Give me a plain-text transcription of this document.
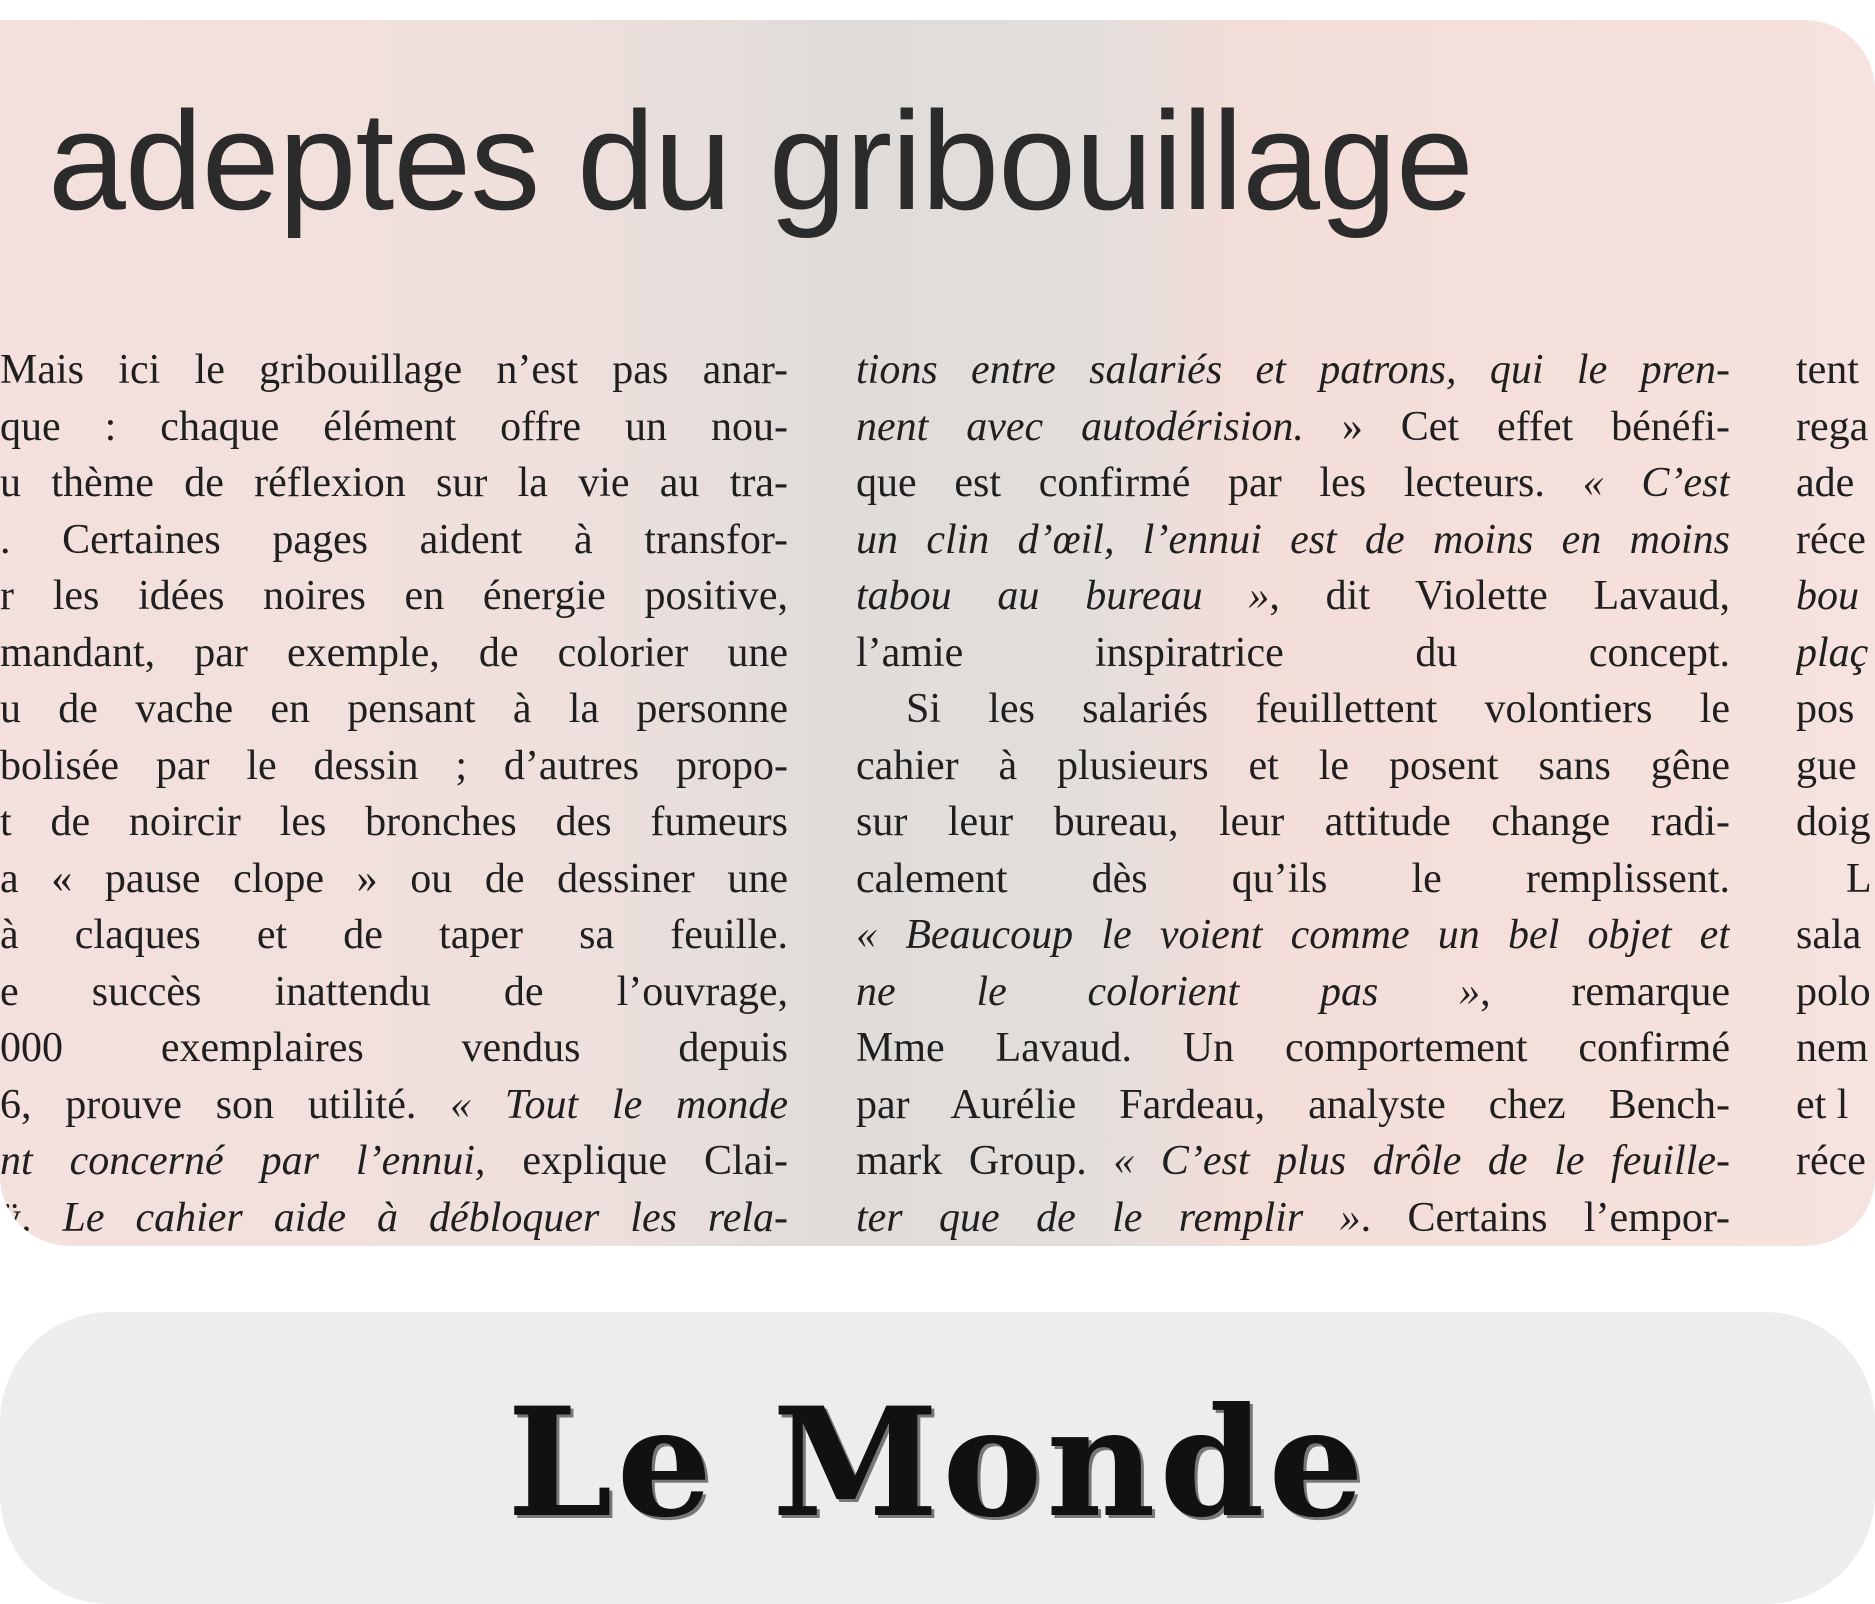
adeptes du gribouillage
Mais ici le gribouillage n’est pas anar-
que : chaque élément offre un nou-
u thème de réflexion sur la vie au tra-
. Certaines pages aident à transfor-
r les idées noires en énergie positive,
mandant, par exemple, de colorier une
u de vache en pensant à la personne
bolisée par le dessin ; d’autres propo-
t de noircir les bronches des fumeurs
a « pause clope » ou de dessiner une
à claques et de taper sa feuille.
e succès inattendu de l’ouvrage,
000 exemplaires vendus depuis
6, prouve son utilité. « Tout le monde
nt concerné par l’ennui, explique Clai-
ÿ. Le cahier aide à débloquer les rela-
tions entre salariés et patrons, qui le pren-
nent avec autodérision. » Cet effet bénéfi-
que est confirmé par les lecteurs. « C’est
un clin d’œil, l’ennui est de moins en moins
tabou au bureau », dit Violette Lavaud,
l’amie inspiratrice du concept.
Si les salariés feuillettent volontiers le
cahier à plusieurs et le posent sans gêne
sur leur bureau, leur attitude change radi-
calement dès qu’ils le remplissent.
« Beaucoup le voient comme un bel objet et
ne le colorient pas », remarque
Mme Lavaud. Un comportement confirmé
par Aurélie Fardeau, analyste chez Bench-
mark Group. « C’est plus drôle de le feuille-
ter que de le remplir ». Certains l’empor-
tent
rega
ade
réce
bou
plaç
pos
gue
doig
L
sala
polo
nem
et l
réce
Le Monde
